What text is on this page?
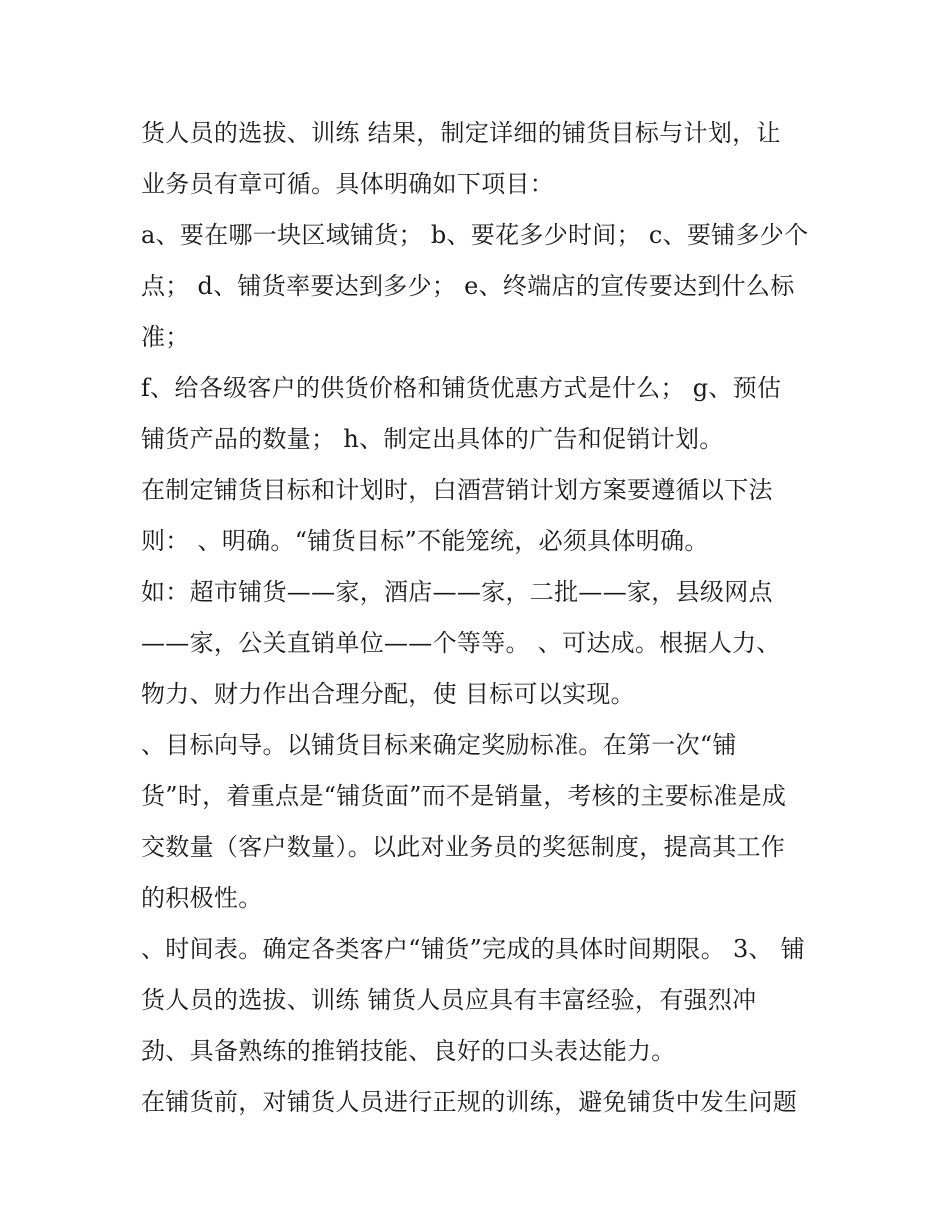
货人员的选拔、训练 结果，制定详细的铺货目标与计划，让
业务员有章可循。具体明确如下项目：
a、要在哪一块区域铺货； b、要花多少时间； c、要铺多少个
点； d、铺货率要达到多少； e、终端店的宣传要达到什么标
准；
f、给各级客户的供货价格和铺货优惠方式是什么； g、预估
铺货产品的数量； h、制定出具体的广告和促销计划。
在制定铺货目标和计划时，白酒营销计划方案要遵循以下法
则： 、明确。“铺货目标”不能笼统，必须具体明确。
如：超市铺货——家，酒店——家，二批——家，县级网点
——家，公关直销单位——个等等。 、可达成。根据人力、
物力、财力作出合理分配，使 目标可以实现。
、目标向导。以铺货目标来确定奖励标准。在第一次“铺
货”时，着重点是“铺货面”而不是销量，考核的主要标准是成
交数量（客户数量）。以此对业务员的奖惩制度，提高其工作
的积极性。
、时间表。确定各类客户“铺货”完成的具体时间期限。 3、 铺
货人员的选拔、训练 铺货人员应具有丰富经验，有强烈冲
劲、具备熟练的推销技能、良好的口头表达能力。
在铺货前，对铺货人员进行正规的训练，避免铺货中发生问题
